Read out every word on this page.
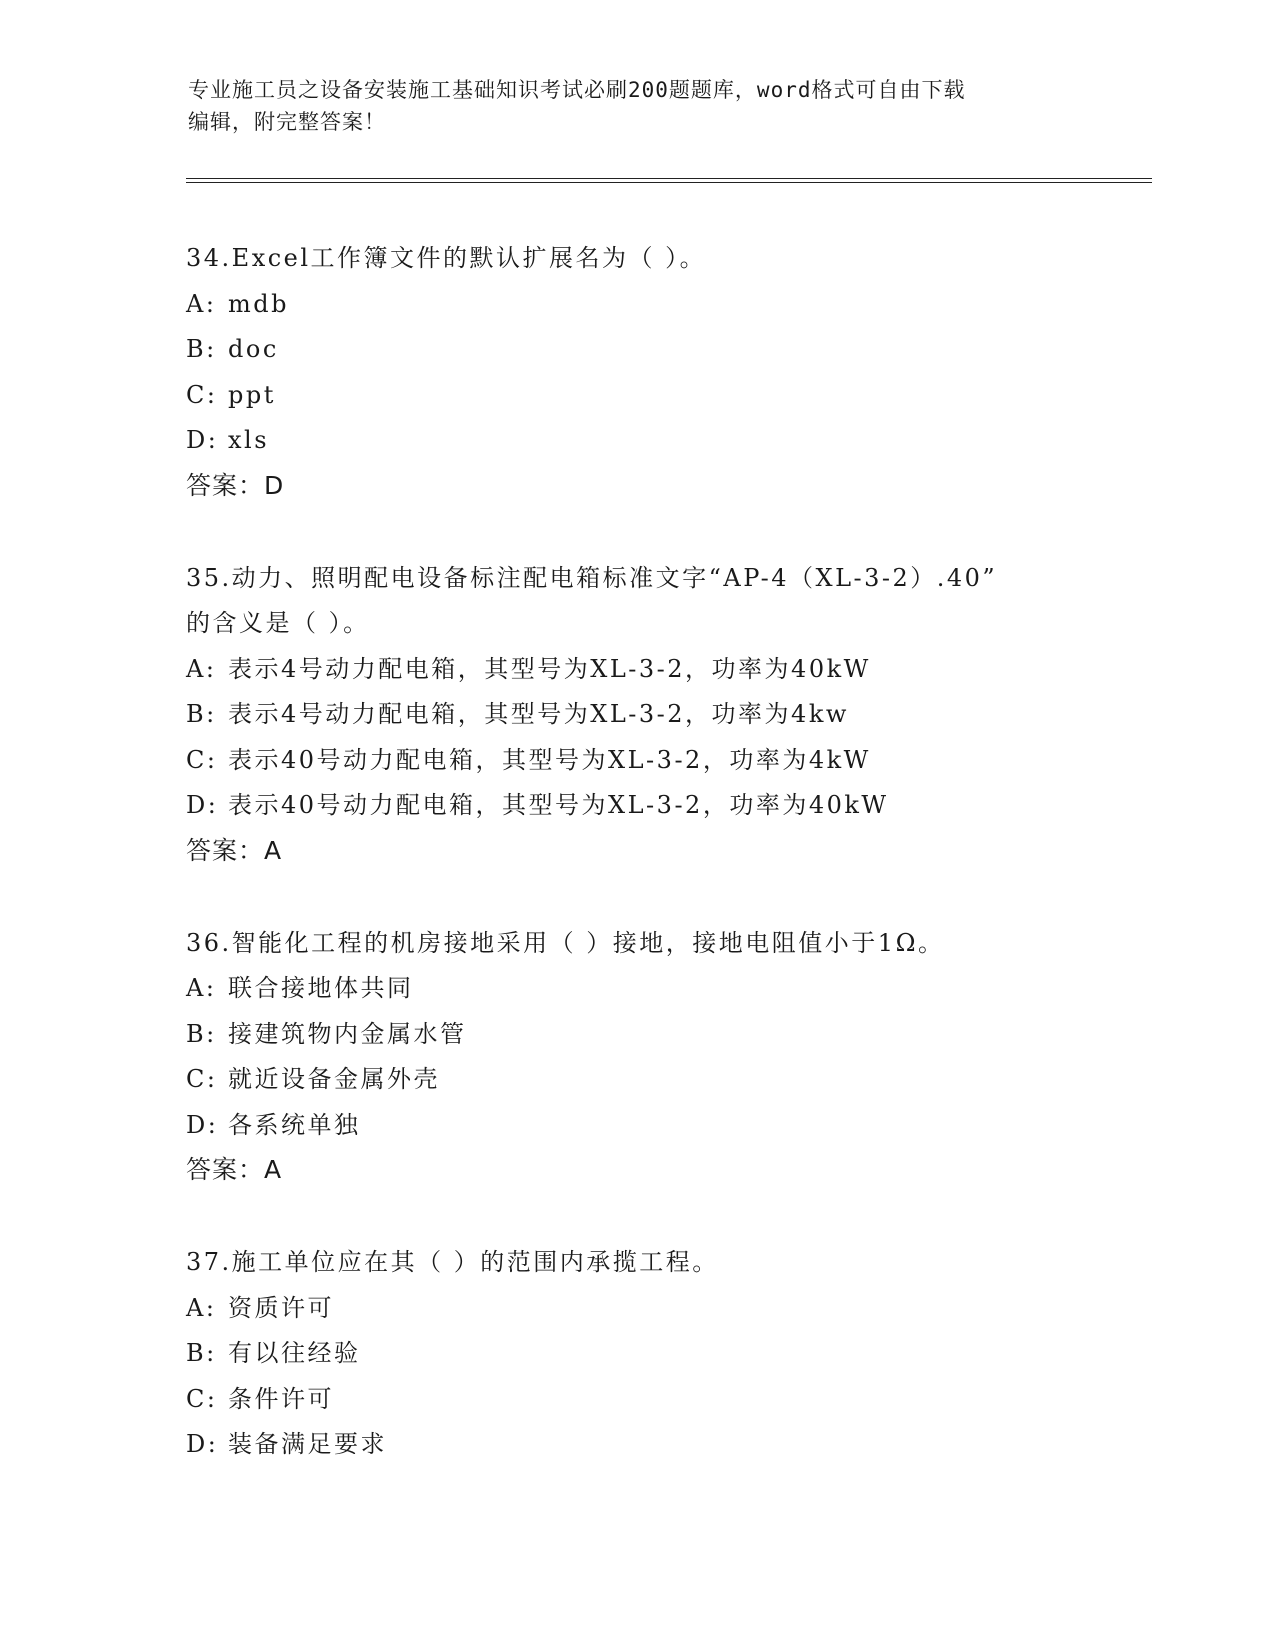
专业施工员之设备安装施工基础知识考试必刷200题题库，word格式可自由下载
编辑，附完整答案！
34.Excel工作簿文件的默认扩展名为（ ）。
A: mdb
B: doc
C: ppt
D: xls
答案：D
35.动力、照明配电设备标注配电箱标准文字“AP-4（XL-3-2）.40”
的含义是（ ）。
A: 表示4号动力配电箱，其型号为XL-3-2，功率为40kW
B: 表示4号动力配电箱，其型号为XL-3-2，功率为4kw
C: 表示40号动力配电箱，其型号为XL-3-2，功率为4kW
D: 表示40号动力配电箱，其型号为XL-3-2，功率为40kW
答案：A
36.智能化工程的机房接地采用（ ）接地，接地电阻值小于1Ω。
A: 联合接地体共同
B: 接建筑物内金属水管
C: 就近设备金属外壳
D: 各系统单独
答案：A
37.施工单位应在其（ ）的范围内承揽工程。
A: 资质许可
B: 有以往经验
C: 条件许可
D: 装备满足要求
